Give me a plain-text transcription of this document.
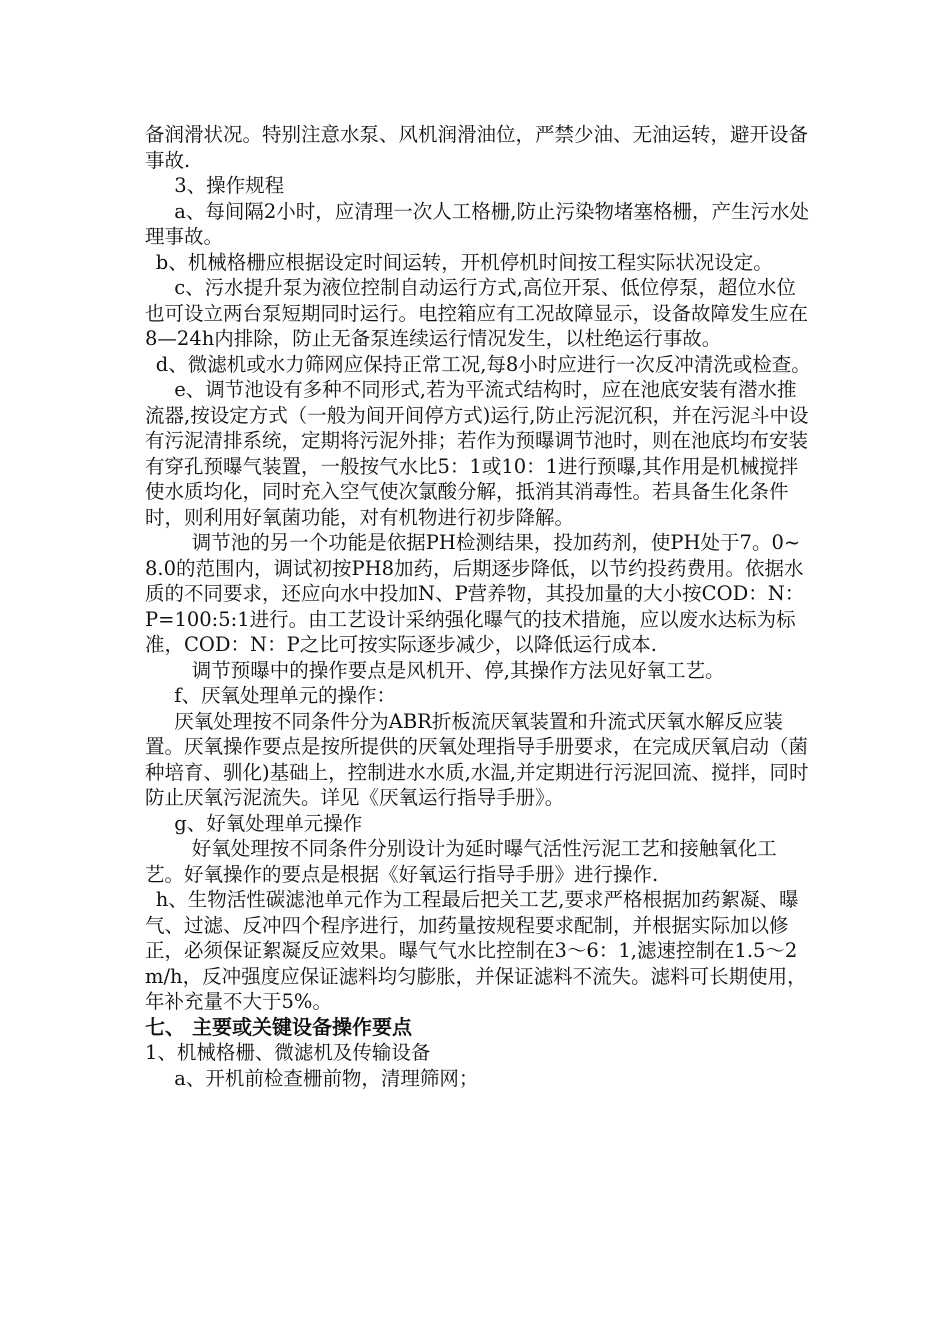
备润滑状况。特别注意水泵、风机润滑油位，严禁少油、无油运转，避开设备事故.

3、操作规程

a、每间隔2小时，应清理一次人工格栅,防止污染物堵塞格栅，产生污水处理事故。

b、机械格栅应根据设定时间运转，开机停机时间按工程实际状况设定。

c、污水提升泵为液位控制自动运行方式,高位开泵、低位停泵，超位水位也可设立两台泵短期同时运行。电控箱应有工况故障显示，设备故障发生应在8—24h内排除，防止无备泵连续运行情况发生，以杜绝运行事故。

d、微滤机或水力筛网应保持正常工况,每8小时应进行一次反冲清洗或检查。

e、调节池设有多种不同形式,若为平流式结构时，应在池底安装有潜水推流器,按设定方式（一般为间开间停方式)运行,防止污泥沉积，并在污泥斗中设有污泥清排系统，定期将污泥外排；若作为预曝调节池时，则在池底均布安装有穿孔预曝气装置，一般按气水比5：1或10：1进行预曝,其作用是机械搅拌使水质均化，同时充入空气使次氯酸分解，抵消其消毒性。若具备生化条件时，则利用好氧菌功能，对有机物进行初步降解。

调节池的另一个功能是依据PH检测结果，投加药剂，使PH处于7。0~8.0的范围内，调试初按PH8加药，后期逐步降低，以节约投药费用。依据水质的不同要求，还应向水中投加N、P营养物，其投加量的大小按COD：N：P=100:5:1进行。由工艺设计采纳强化曝气的技术措施，应以废水达标为标准，COD：N：P之比可按实际逐步减少，以降低运行成本.

调节预曝中的操作要点是风机开、停,其操作方法见好氧工艺。

f、厌氧处理单元的操作：

厌氧处理按不同条件分为ABR折板流厌氧装置和升流式厌氧水解反应装置。厌氧操作要点是按所提供的厌氧处理指导手册要求，在完成厌氧启动（菌种培育、驯化)基础上，控制进水水质,水温,并定期进行污泥回流、搅拌，同时防止厌氧污泥流失。详见《厌氧运行指导手册》。

g、好氧处理单元操作

好氧处理按不同条件分别设计为延时曝气活性污泥工艺和接触氧化工艺。好氧操作的要点是根据《好氧运行指导手册》进行操作.

h、生物活性碳滤池单元作为工程最后把关工艺,要求严格根据加药絮凝、曝气、过滤、反冲四个程序进行，加药量按规程要求配制，并根据实际加以修正，必须保证絮凝反应效果。曝气气水比控制在3～6：1,滤速控制在1.5～2m/h，反冲强度应保证滤料均匀膨胀，并保证滤料不流失。滤料可长期使用，年补充量不大于5%。

七、 主要或关键设备操作要点

1、机械格栅、微滤机及传输设备

a、开机前检查栅前物，清理筛网；
